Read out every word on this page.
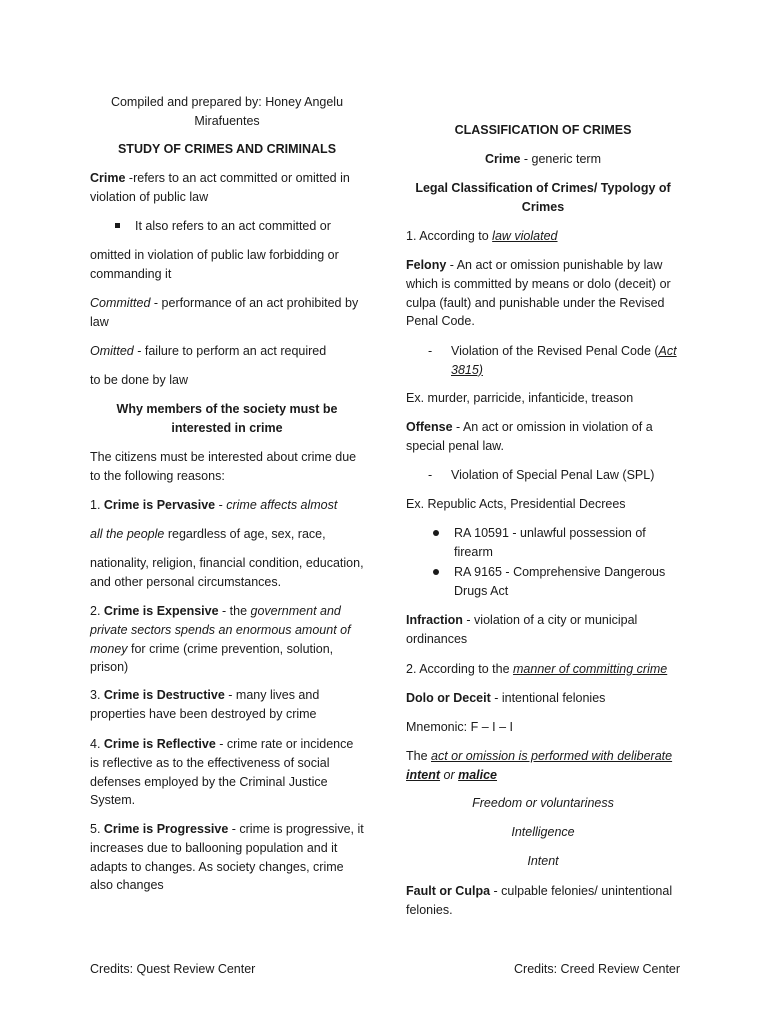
Compiled and prepared by: Honey Angelu
Mirafuentes

STUDY OF CRIMES AND CRIMINALS

Crime -refers to an act committed or omitted in violation of public law

It also refers to an act committed or

omitted in violation of public law forbidding or commanding it

Committed - performance of an act prohibited by law

Omitted - failure to perform an act required

to be done by law

Why members of the society must be interested in crime

The citizens must be interested about crime due to the following reasons:

1. Crime is Pervasive - crime affects almost

all the people regardless of age, sex, race,

nationality, religion, financial condition, education, and other personal circumstances.

2. Crime is Expensive - the government and private sectors spends an enormous amount of money for crime (crime prevention, solution, prison)

3. Crime is Destructive - many lives and properties have been destroyed by crime

4. Crime is Reflective - crime rate or incidence is reflective as to the effectiveness of social defenses employed by the Criminal Justice System.

5. Crime is Progressive - crime is progressive, it increases due to ballooning population and it adapts to changes. As society changes, crime also changes

CLASSIFICATION OF CRIMES

Crime - generic term

Legal Classification of Crimes/ Typology of Crimes

1. According to law violated

Felony - An act or omission punishable by law which is committed by means or dolo (deceit) or culpa (fault) and punishable under the Revised Penal Code.

- Violation of the Revised Penal Code (Act 3815)

Ex. murder, parricide, infanticide, treason

Offense - An act or omission in violation of a special penal law.

- Violation of Special Penal Law (SPL)

Ex. Republic Acts, Presidential Decrees

RA 10591 - unlawful possession of firearm

RA 9165 - Comprehensive Dangerous Drugs Act

Infraction - violation of a city or municipal ordinances

2. According to the manner of committing crime

Dolo or Deceit - intentional felonies

Mnemonic: F – I – I

The act or omission is performed with deliberate intent or malice

Freedom or voluntariness

Intelligence

Intent

Fault or Culpa - culpable felonies/ unintentional felonies.

Credits: Quest Review Center	Credits: Creed Review Center
